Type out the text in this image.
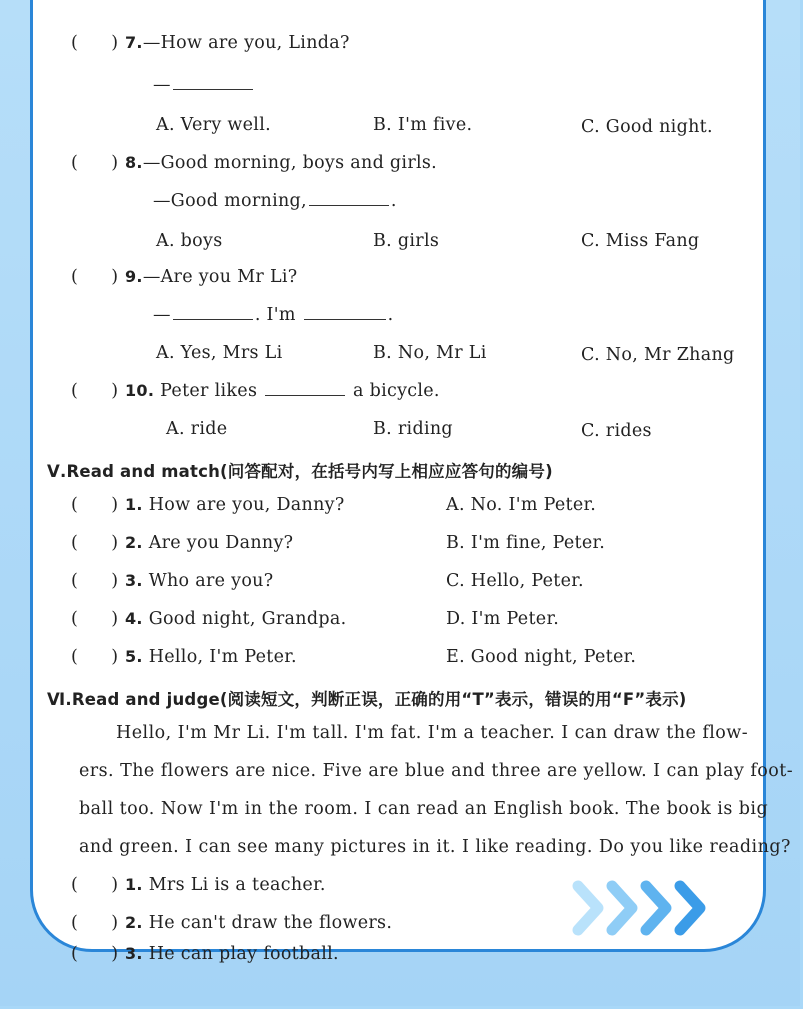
(      ) 7.—How are you, Linda?
—
A. Very well.	B. I'm five.	C. Good night.
(      ) 8.—Good morning, boys and girls.
—Good morning,	.
A. boys	B. girls	C. Miss Fang
(      ) 9.—Are you Mr Li?
—	. I'm	.
A. Yes, Mrs Li	B. No, Mr Li	C. No, Mr Zhang
(      ) 10. Peter likes	a bicycle.
A. ride	B. riding	C. rides
Ⅴ.Read and match(问答配对，在括号内写上相应应答句的编号)
(      ) 1. How are you, Danny?	A. No. I'm Peter.
(      ) 2. Are you Danny?	B. I'm fine, Peter.
(      ) 3. Who are you?	C. Hello, Peter.
(      ) 4. Good night, Grandpa.	D. I'm Peter.
(      ) 5. Hello, I'm Peter.	E. Good night, Peter.
Ⅵ.Read and judge(阅读短文，判断正误，正确的用“T”表示，错误的用“F”表示)
Hello, I'm Mr Li. I'm tall. I'm fat. I'm a teacher. I can draw the flow-
ers. The flowers are nice. Five are blue and three are yellow. I can play foot-
ball too. Now I'm in the room. I can read an English book. The book is big
and green. I can see many pictures in it. I like reading. Do you like reading?
(      ) 1. Mrs Li is a teacher.
(      ) 2. He can't draw the flowers.
(      ) 3. He can play football.
